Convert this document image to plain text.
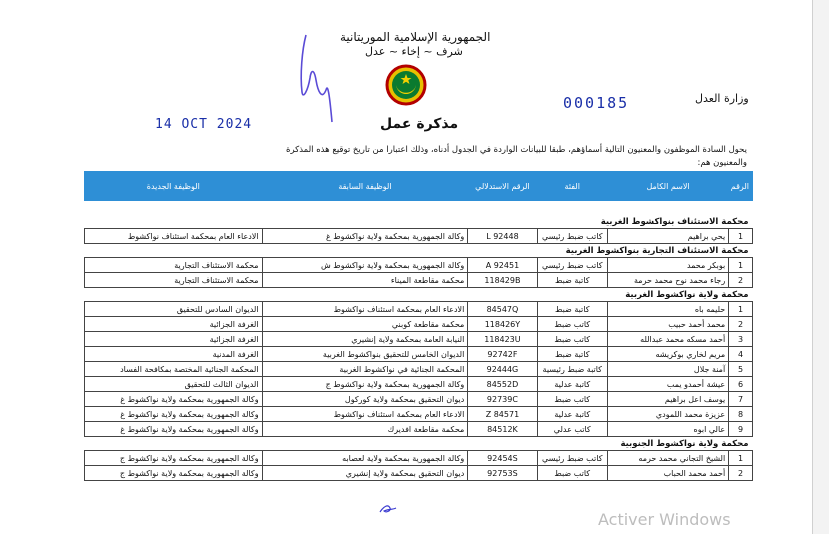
الجمهورية الإسلامية الموريتانية
شرف ~ إخاء ~ عدل
وزارة العدل
000185
14 OCT 2024	مذكرة عمل
يحول السادة الموظفون والمعنيون التالية أسماؤهم، طبقا للبيانات الواردة في الجدول أدناه، وذلك اعتبارا من تاريخ توقيع هذه المذكرة
والمعنيون هم:
الرقم	الاسم الكامل	الفئة	الرقم الاستدلالي	الوظيفة السابقة	الوظيفة الجديدة

محكمة الاستئناف بنواكشوط الغربية					
1	يحي براهيم	كاتب ضبط رئيسي	92448 L	وكالة الجمهورية بمحكمة ولاية نواكشوط غ	الادعاء العام بمحكمة استئناف نواكشوط
محكمة الاستئناف التجارية بنواكشوط الغربية					
1	بوبكر محمد	كاتب ضبط رئيسي	92451 A	وكالة الجمهورية بمحكمة ولاية نواكشوط ش	محكمة الاستئناف التجارية
2	رجاء محمد نوح محمد حرمة	كاتبة ضبط	118429B	محكمة مقاطعة الميناء	محكمة الاستئناف التجارية
محكمة ولاية نواكشوط الغربية					
1	حليمه باه	كاتبة ضبط	84547Q	الادعاء العام بمحكمة استئناف نواكشوط	الديوان السادس للتحقيق
2	محمد أحمد حبيب	كاتب ضبط	118426Y	محكمة مقاطعة كوبني	الغرفة الجزائية
3	أحمد مسكه محمد عبدالله	كاتب ضبط	118423U	النيابة العامة بمحكمة ولاية إنشيري	الغرفة الجزائية
4	مريم لخاري بوكريشه	كاتبة ضبط	92742F	الديوان الخامس للتحقيق بنواكشوط الغربية	الغرفة المدنية
5	آمنة جلال	كاتبة ضبط رئيسية	92444G	المحكمة الجنائية في نواكشوط الغربية	المحكمة الجنائية المختصة بمكافحة الفساد
6	عيشة أحمدو يمب	كاتبة عدلية	84552D	وكالة الجمهورية بمحكمة ولاية نواكشوط ج	الديوان الثالث للتحقيق
7	يوسف اعل براهيم	كاتب ضبط	92739C	ديوان التحقيق بمحكمة ولاية كوركول	وكالة الجمهورية بمحكمة ولاية نواكشوط غ
8	عزيزة محمد اللمودي	كاتبة عدلية	84571 Z	الادعاء العام بمحكمة استئناف نواكشوط	وكالة الجمهورية بمحكمة ولاية نواكشوط غ
9	عالي ابوه	كاتب عدلي	84512K	محكمة مقاطعة افديرك	وكالة الجمهورية بمحكمة ولاية نواكشوط غ
محكمة ولاية نواكشوط الجنوبية					
1	الشيخ التجاني محمد حرمه	كاتب ضبط رئيسي	92454S	وكالة الجمهورية بمحكمة ولاية لعصابه	وكالة الجمهورية بمحكمة ولاية نواكشوط ج
2	أحمد محمد الحباب	كاتب ضبط	92753S	ديوان التحقيق بمحكمة ولاية إنشيري	وكالة الجمهورية بمحكمة ولاية نواكشوط ج
Activer Windows
